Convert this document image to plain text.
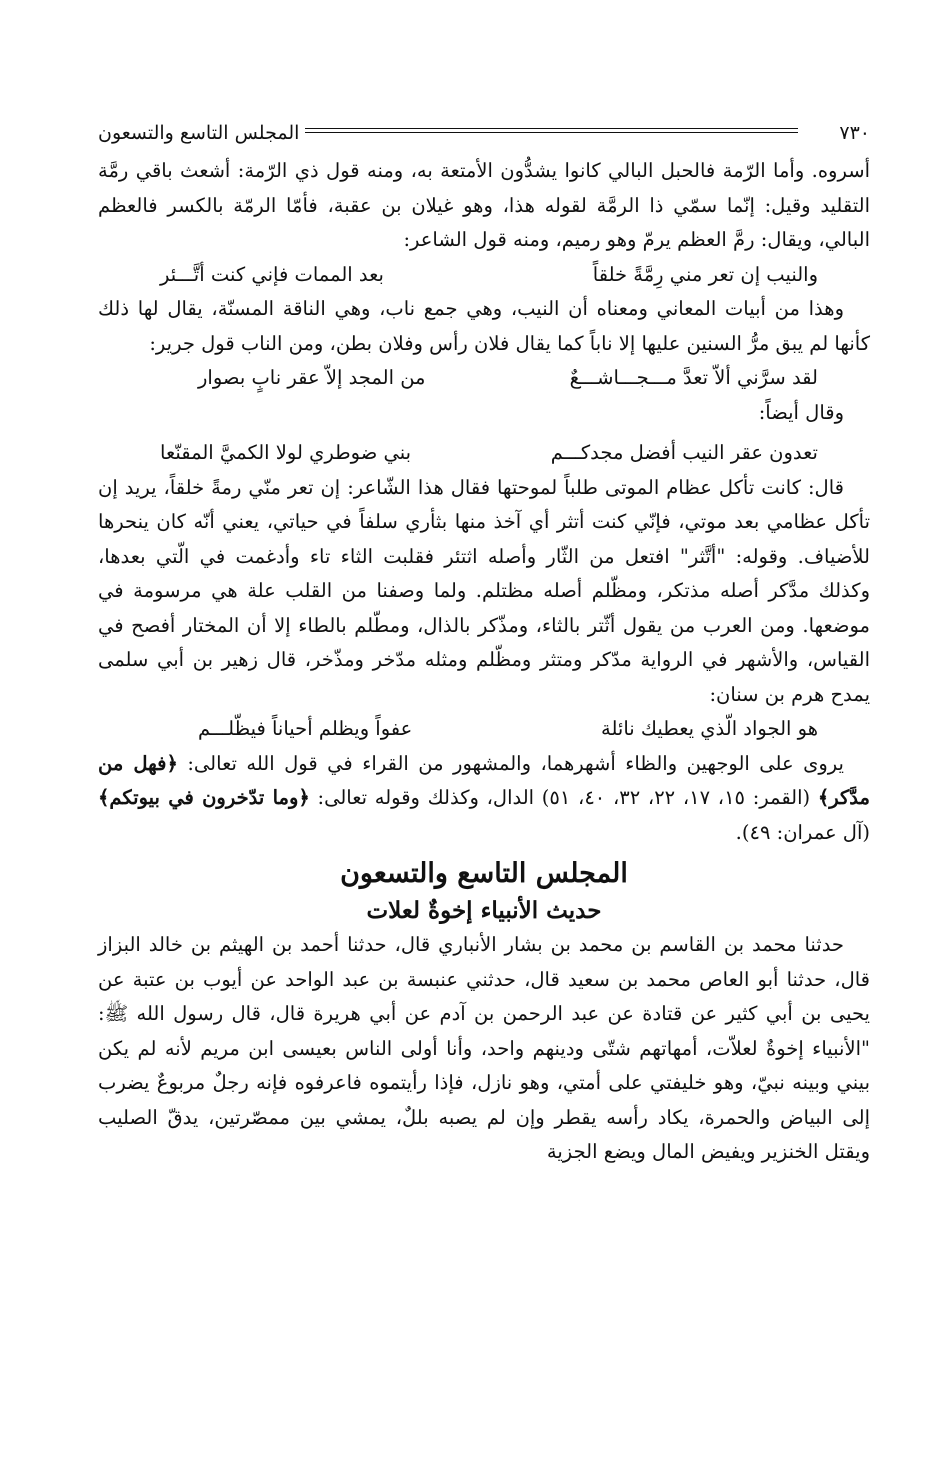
٧٣٠
المجلس التاسع والتسعون

أسروه. وأما الرّمة فالحبل البالي كانوا يشدُّون الأمتعة به، ومنه قول ذي الرّمة: أشعث باقي رمَّة التقليد وقيل: إنّما سمّي ذا الرمَّة لقوله هذا، وهو غيلان بن عقبة، فأمّا الرمّة بالكسر فالعظم البالي، ويقال: رمَّ العظم يرمّ وهو رميم، ومنه قول الشاعر:

والنيب إن تعر مني رِمَّةً خلقاً
بعد الممات فإني كنت أتَّـــئر

وهذا من أبيات المعاني ومعناه أن النيب، وهي جمع ناب، وهي الناقة المسنّة، يقال لها ذلك كأنها لم يبق مرُّ السنين عليها إلا ناباً كما يقال فلان رأس وفلان بطن، ومن الناب قول جرير:

لقد سرَّني ألاّ تعدَّ مـــجـــاشـــعٌ
من المجد إلاّ عقر نابٍ بصوار

وقال أيضاً:

تعدون عقر النيب أفضل مجدكـــم
بني ضوطري لولا الكميَّ المقنّعا

قال: كانت تأكل عظام الموتى طلباً لموحتها فقال هذا الشّاعر: إن تعر منّي رمةً خلقاً، يريد إن تأكل عظامي بعد موتي، فإنّي كنت أتثر أي آخذ منها بثأري سلفاً في حياتي، يعني أنّه كان ينحرها للأضياف. وقوله: "أتَّثر" افتعل من الثّار وأصله اثتئر فقلبت الثاء تاء وأدغمت في الّتي بعدها، وكذلك مدَّكر أصله مذتكر، ومظّلم أصله مظتلم. ولما وصفنا من القلب علة هي مرسومة في موضعها. ومن العرب من يقول أثّتر بالثاء، ومذّكر بالذال، ومطّلم بالطاء إلا أن المختار أفصح في القياس، والأشهر في الرواية مدّكر ومتثر ومظّلم ومثله مدّخر ومذّخر، قال زهير بن أبي سلمى يمدح هرم بن سنان:

هو الجواد الّذي يعطيك نائلة
عفواً ويظلم أحياناً فيظّلـــم

يروى على الوجهين والظاء أشهرهما، والمشهور من القراء في قول الله تعالى: ﴿فهل من مدَّكر﴾ (القمر: ١٥، ١٧، ٢٢، ٣٢، ٤٠، ٥١) الدال، وكذلك وقوله تعالى: ﴿وما تدّخرون في بيوتكم﴾ (آل عمران: ٤٩).

المجلس التاسع والتسعون
حديث الأنبياء إخوةٌ لعلات

حدثنا محمد بن القاسم بن محمد بن بشار الأنباري قال، حدثنا أحمد بن الهيثم بن خالد البزاز قال، حدثنا أبو العاص محمد بن سعيد قال، حدثني عنبسة بن عبد الواحد عن أيوب بن عتبة عن يحيى بن أبي كثير عن قتادة عن عبد الرحمن بن آدم عن أبي هريرة قال، قال رسول الله ﷺ: "الأنبياء إخوةٌ لعلاّت، أمهاتهم شتّى ودينهم واحد، وأنا أولى الناس بعيسى ابن مريم لأنه لم يكن بيني وبينه نبيّ، وهو خليفتي على أمتي، وهو نازل، فإذا رأيتموه فاعرفوه فإنه رجلٌ مربوعٌ يضرب إلى البياض والحمرة، يكاد رأسه يقطر وإن لم يصبه بللٌ، يمشي بين ممصّرتين، يدقّ الصليب ويقتل الخنزير ويفيض المال ويضع الجزية
